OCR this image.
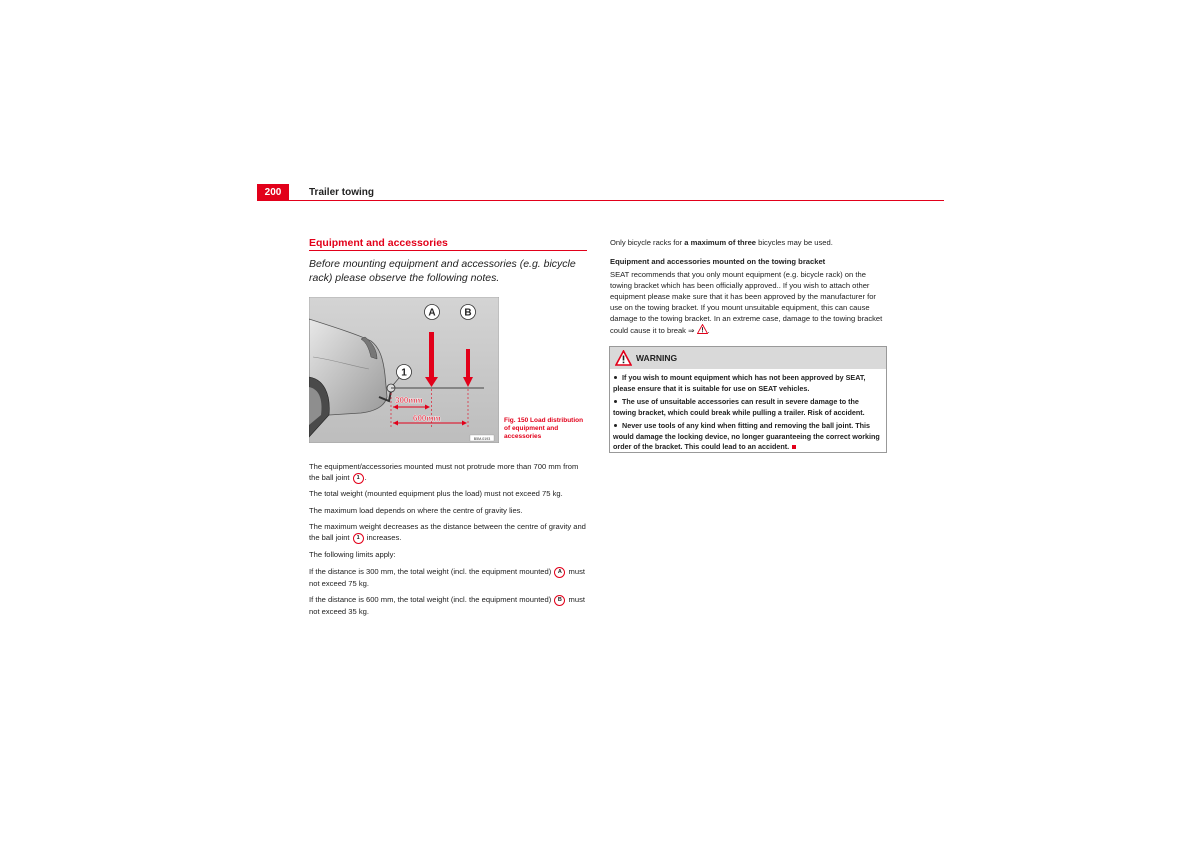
200	Trailer towing
Equipment and accessories
Before mounting equipment and accessories (e.g. bicycle rack) please observe the following notes.
300mm
600mm
A	B
1
B5M-0193
Fig. 150 Load distribution of equipment and accessories
The equipment/accessories mounted must not protrude more than 700 mm from the ball joint 1 .
The total weight (mounted equipment plus the load) must not exceed 75 kg.
The maximum load depends on where the centre of gravity lies.
The maximum weight decreases as the distance between the centre of gravity and the ball joint 1 increases.
The following limits apply:
If the distance is 300 mm, the total weight (incl. the equipment mounted) A must not exceed 75 kg.
If the distance is 600 mm, the total weight (incl. the equipment mounted) B must not exceed 35 kg.
Only bicycle racks for a maximum of three bicycles may be used.
Equipment and accessories mounted on the towing bracket
SEAT recommends that you only mount equipment (e.g. bicycle rack) on the towing bracket which has been officially approved.. If you wish to attach other equipment please make sure that it has been approved by the manufacturer for use on the towing bracket. If you mount unsuitable equipment, this can cause damage to the towing bracket. In an extreme case, damage to the towing bracket could cause it to break ⇒ .
WARNING
If you wish to mount equipment which has not been approved by SEAT, please ensure that it is suitable for use on SEAT vehicles.
The use of unsuitable accessories can result in severe damage to the towing bracket, which could break while pulling a trailer. Risk of accident.
Never use tools of any kind when fitting and removing the ball joint. This would damage the locking device, no longer guaranteeing the correct working order of the bracket. This could lead to an accident.
